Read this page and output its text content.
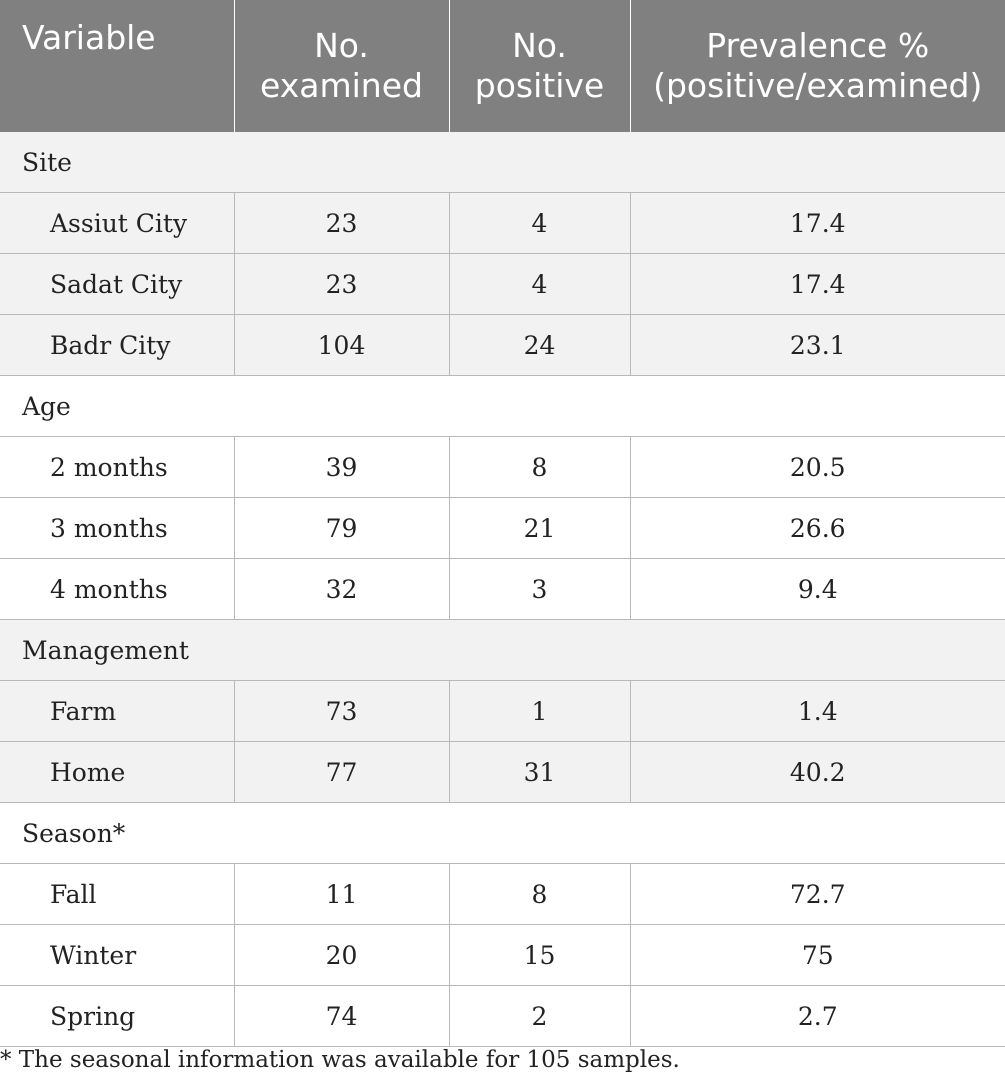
Variable	No. examined	No. positive	Prevalence % (positive/examined)
Site			
Assiut City	23	4	17.4
Sadat City	23	4	17.4
Badr City	104	24	23.1
Age			
2 months	39	8	20.5
3 months	79	21	26.6
4 months	32	3	9.4
Management			
Farm	73	1	1.4
Home	77	31	40.2
Season*			
Fall	11	8	72.7
Winter	20	15	75
Spring	74	2	2.7
* The seasonal information was available for 105 samples.
